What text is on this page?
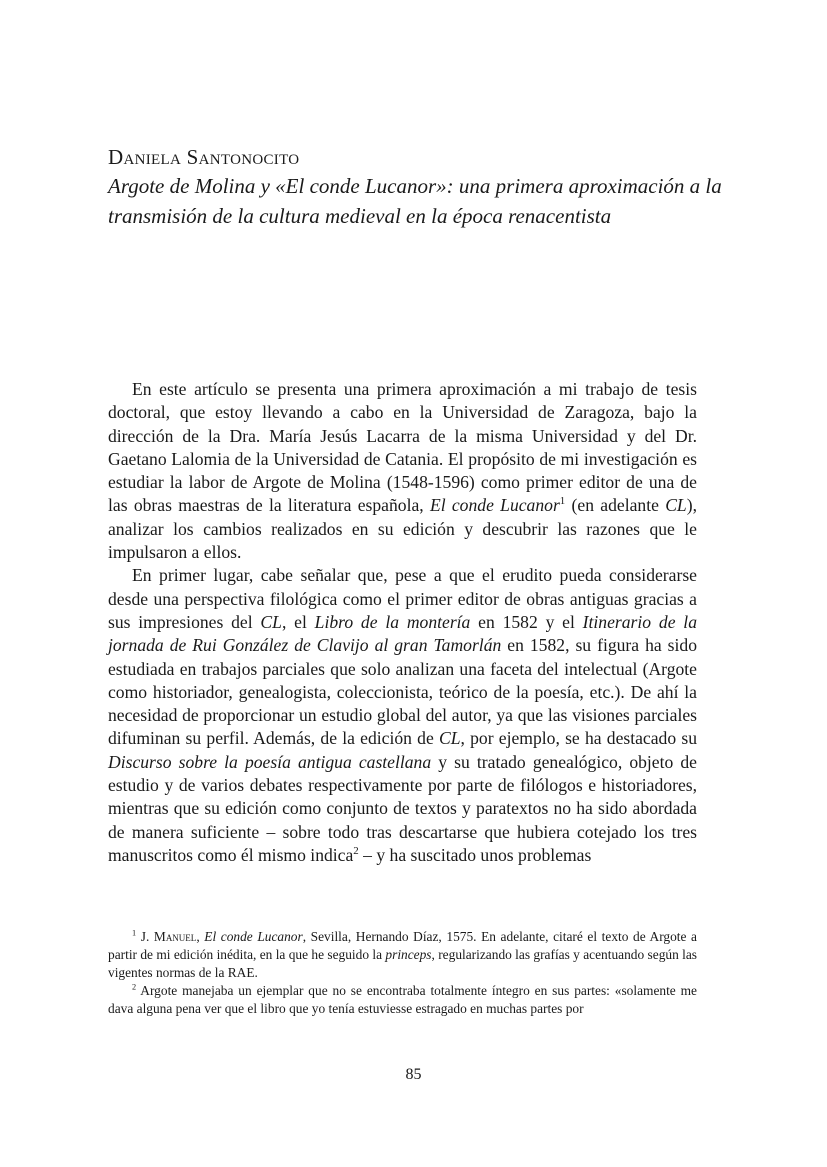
Daniela Santonocito
Argote de Molina y «El conde Lucanor»: una primera aproximación a la transmisión de la cultura medieval en la época renacentista

En este artículo se presenta una primera aproximación a mi trabajo de tesis doctoral, que estoy llevando a cabo en la Universidad de Zaragoza, bajo la dirección de la Dra. María Jesús Lacarra de la misma Universidad y del Dr. Gaetano Lalomia de la Universidad de Catania. El propósito de mi investigación es estudiar la labor de Argote de Molina (1548-1596) como primer editor de una de las obras maestras de la literatura española, El conde Lucanor$^1$ (en adelante CL), analizar los cambios realizados en su edición y descubrir las razones que le impulsaron a ellos.

En primer lugar, cabe señalar que, pese a que el erudito pueda considerarse desde una perspectiva filológica como el primer editor de obras antiguas gracias a sus impresiones del CL, el Libro de la montería en 1582 y el Itinerario de la jornada de Rui González de Clavijo al gran Tamorlán en 1582, su figura ha sido estudiada en trabajos parciales que solo analizan una faceta del intelectual (Argote como historiador, genealogista, coleccionista, teórico de la poesía, etc.). De ahí la necesidad de proporcionar un estudio global del autor, ya que las visiones parciales difuminan su perfil. Además, de la edición de CL, por ejemplo, se ha destacado su Discurso sobre la poesía antigua castellana y su tratado genealógico, objeto de estudio y de varios debates respectivamente por parte de filólogos e historiadores, mientras que su edición como conjunto de textos y paratextos no ha sido abordada de manera suficiente – sobre todo tras descartarse que hubiera cotejado los tres manuscritos como él mismo indica$^2$ – y ha suscitado unos problemas

$^1$ J. Manuel, El conde Lucanor, Sevilla, Hernando Díaz, 1575. En adelante, citaré el texto de Argote a partir de mi edición inédita, en la que he seguido la princeps, regularizando las grafías y acentuando según las vigentes normas de la RAE.

$^2$ Argote manejaba un ejemplar que no se encontraba totalmente íntegro en sus partes: «solamente me dava alguna pena ver que el libro que yo tenía estuviesse estragado en muchas partes por

85
